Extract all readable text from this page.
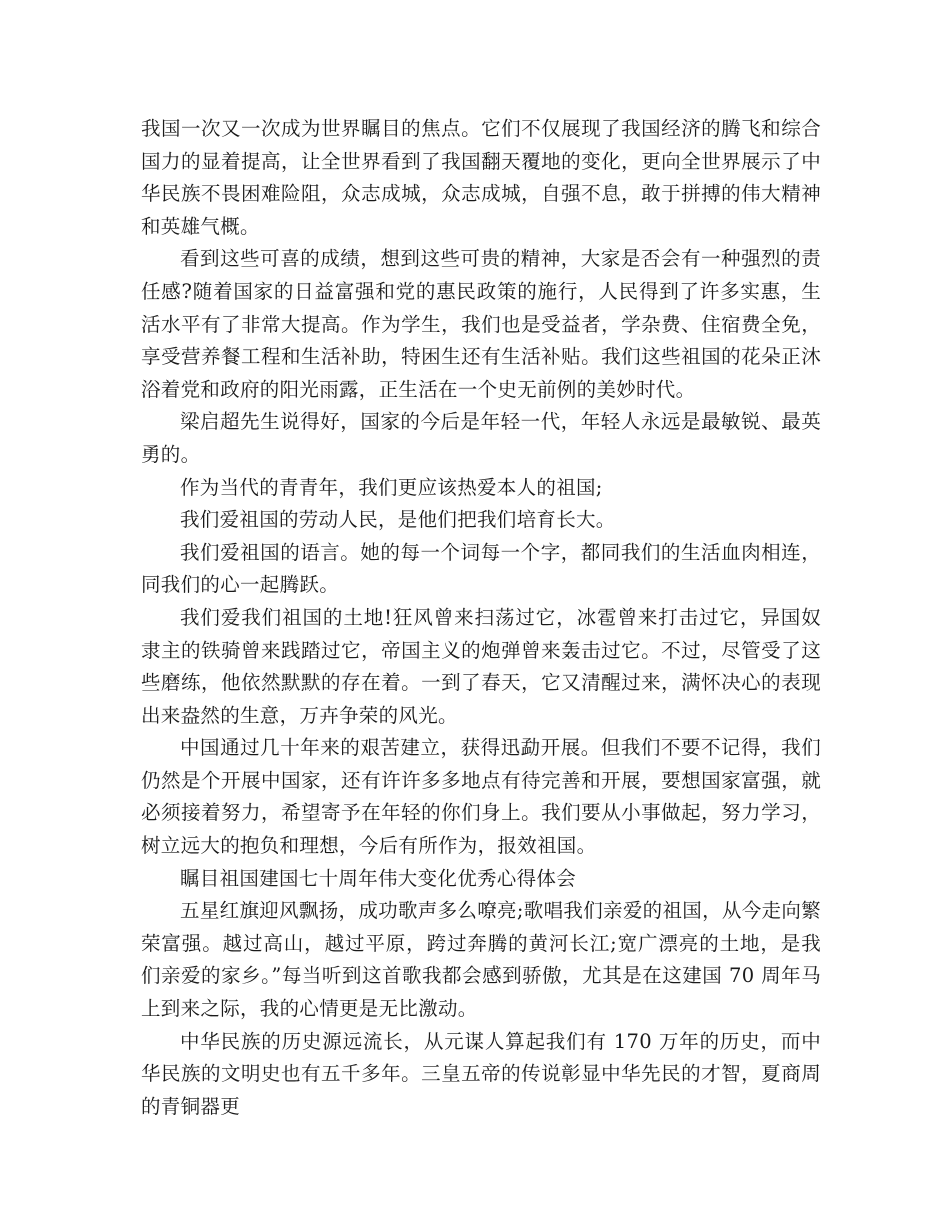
我国一次又一次成为世界瞩目的焦点。它们不仅展现了我国经济的腾飞和综合国力的显着提高，让全世界看到了我国翻天覆地的变化，更向全世界展示了中华民族不畏困难险阻，众志成城，众志成城，自强不息，敢于拼搏的伟大精神和英雄气概。

看到这些可喜的成绩，想到这些可贵的精神，大家是否会有一种强烈的责任感?随着国家的日益富强和党的惠民政策的施行，人民得到了许多实惠，生活水平有了非常大提高。作为学生，我们也是受益者，学杂费、住宿费全免，享受营养餐工程和生活补助，特困生还有生活补贴。我们这些祖国的花朵正沐浴着党和政府的阳光雨露，正生活在一个史无前例的美妙时代。

梁启超先生说得好，国家的今后是年轻一代，年轻人永远是最敏锐、最英勇的。

作为当代的青青年，我们更应该热爱本人的祖国;

我们爱祖国的劳动人民，是他们把我们培育长大。

我们爱祖国的语言。她的每一个词每一个字，都同我们的生活血肉相连，同我们的心一起腾跃。

我们爱我们祖国的土地!狂风曾来扫荡过它，冰雹曾来打击过它，异国奴隶主的铁骑曾来践踏过它，帝国主义的炮弹曾来轰击过它。不过，尽管受了这些磨练，他依然默默的存在着。一到了春天，它又清醒过来，满怀决心的表现出来盎然的生意，万卉争荣的风光。

中国通过几十年来的艰苦建立，获得迅勐开展。但我们不要不记得，我们仍然是个开展中国家，还有许许多多地点有待完善和开展，要想国家富强，就必须接着努力，希望寄予在年轻的你们身上。我们要从小事做起，努力学习，树立远大的抱负和理想，今后有所作为，报效祖国。

瞩目祖国建国七十周年伟大变化优秀心得体会

五星红旗迎风飘扬，成功歌声多么嘹亮;歌唱我们亲爱的祖国，从今走向繁荣富强。越过高山，越过平原，跨过奔腾的黄河长江;宽广漂亮的土地，是我们亲爱的家乡。”每当听到这首歌我都会感到骄傲，尤其是在这建国 70 周年马上到来之际，我的心情更是无比激动。

中华民族的历史源远流长，从元谋人算起我们有 170 万年的历史，而中华民族的文明史也有五千多年。三皇五帝的传说彰显中华先民的才智，夏商周的青铜器更
